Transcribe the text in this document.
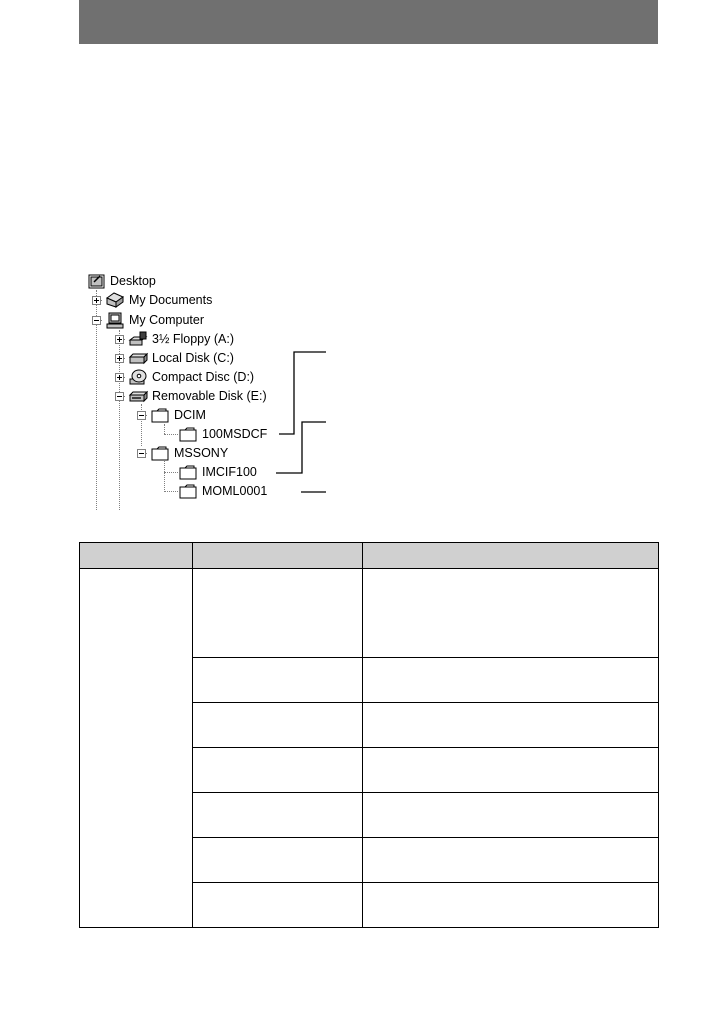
Desktop
My Documents
My Computer
3½ Floppy (A:)
Local Disk (C:)
Compact Disc (D:)
Removable Disk (E:)
DCIM
100MSDCF
MSSONY
IMCIF100
MOML0001
